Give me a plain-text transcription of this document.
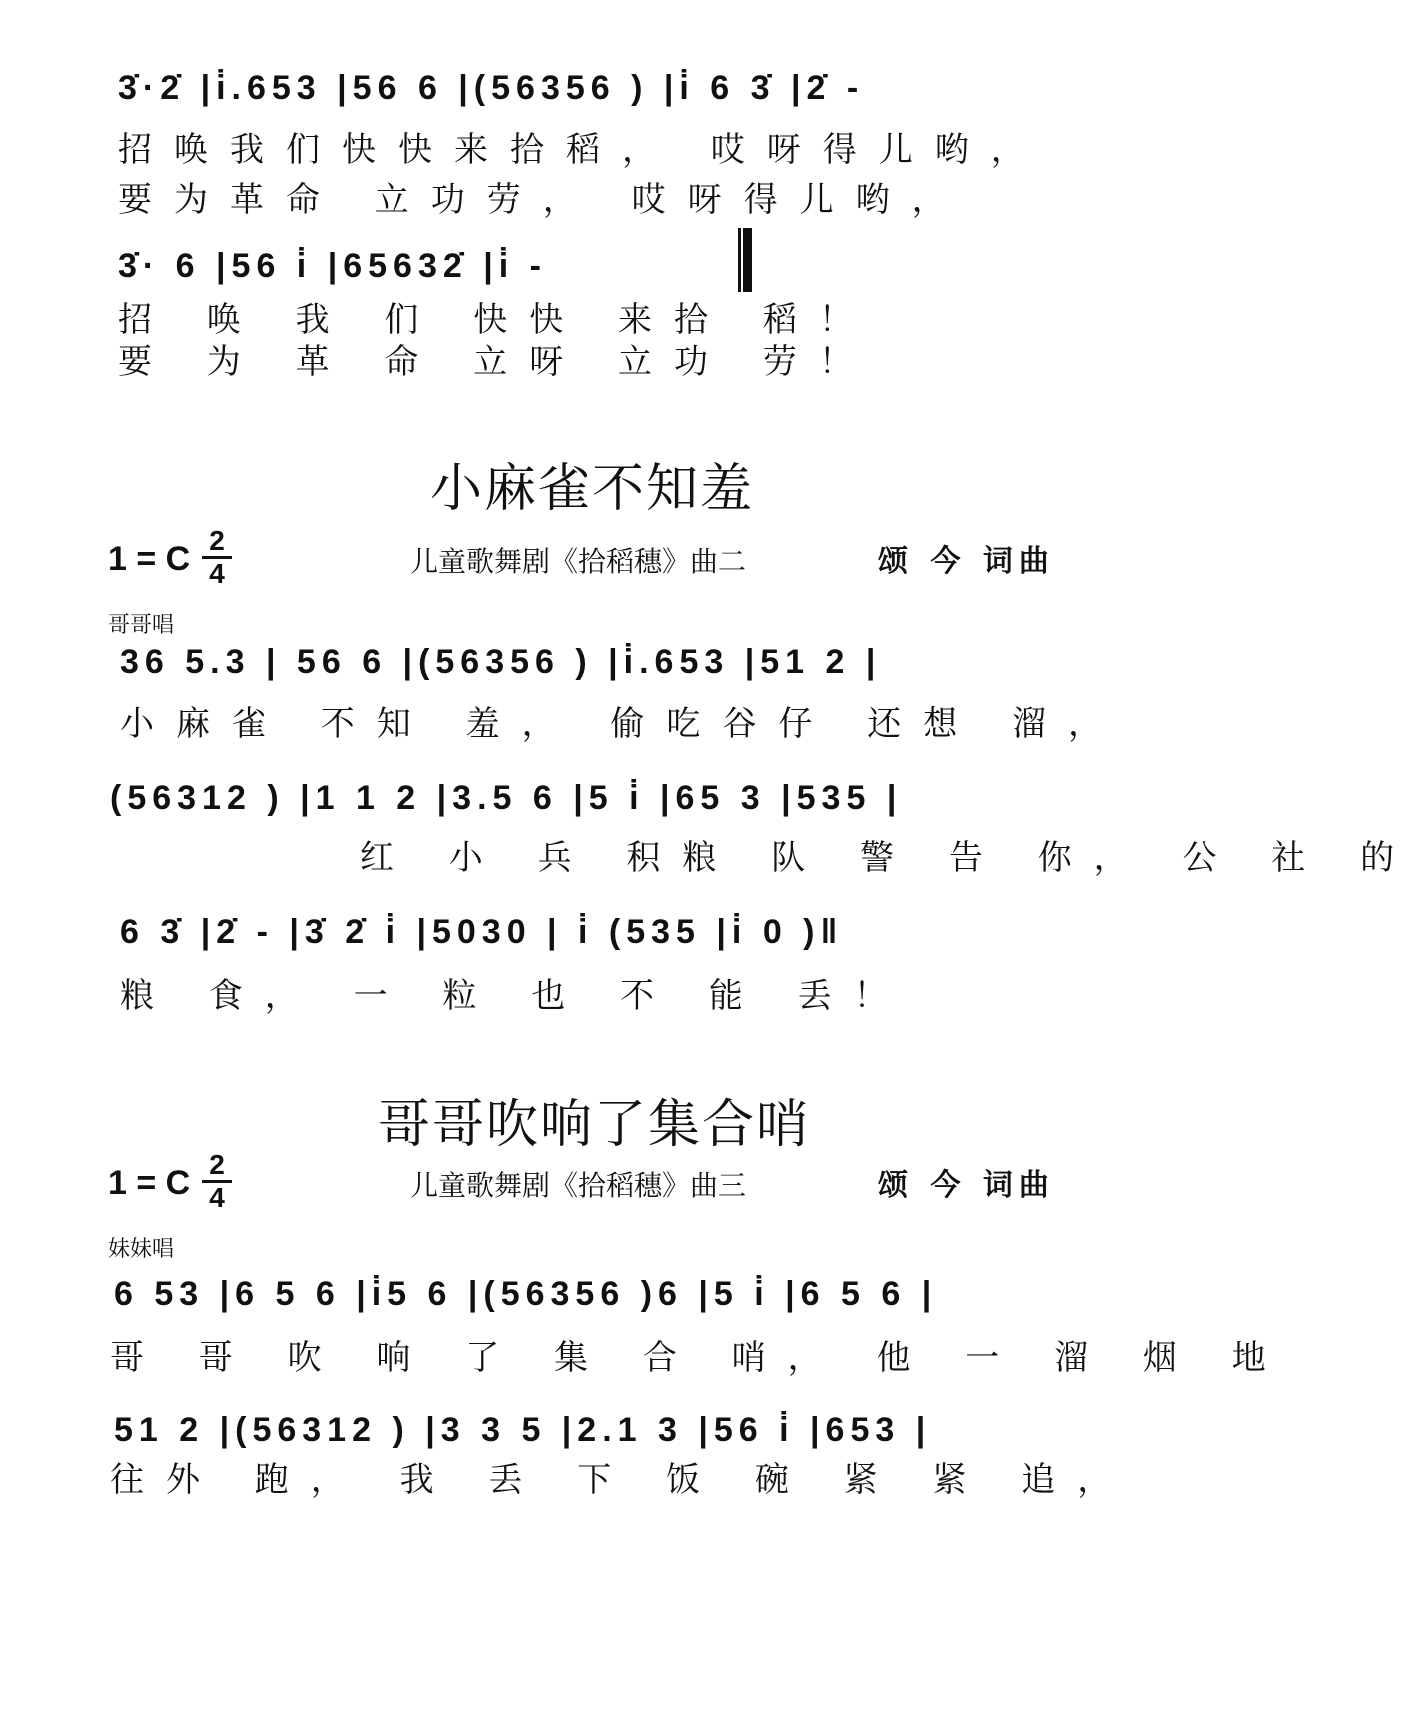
3̇·2̇ |i̇.653 |56 6 |(56356 ) |i̇ 6 3̇ |2̇ -
招唤我们快快来拾稻， 哎呀得儿哟，
要为革命 立功劳， 哎呀得儿哟，
3̇· 6 |56 i̇ |65632̇ |i̇ -
招 唤 我 们 快快 来拾 稻！
要 为 革 命 立呀 立功 劳！
小麻雀不知羞
1 = C 2
4	儿童歌舞剧《拾稻穗》曲二	颂 今 词曲
哥哥唱
36 5.3 | 56 6 |(56356 ) |i̇.653 |51 2 |
小麻雀 不知 羞， 偷吃谷仔 还想 溜，
(56312 ) |1 1 2 |3.5 6 |5 i̇ |65 3 |535 |
红 小 兵 积粮 队 警 告 你， 公 社 的
6 3̇ |2̇ - |3̇ 2̇ i̇ |5030 | i̇ (535 |i̇ 0 )‖
粮 食， 一 粒 也 不 能 丢！
哥哥吹响了集合哨
1 = C 2
4	儿童歌舞剧《拾稻穗》曲三	颂 今 词曲
妹妹唱
6 53 |6 5 6 |i̇5 6 |(56356 )6 |5 i̇ |6 5 6 |
哥 哥 吹 响 了 集 合 哨， 他 一 溜 烟 地
51 2 |(56312 ) |3 3 5 |2.1 3 |56 i̇ |653 |
往外 跑， 我 丢 下 饭 碗 紧 紧 追，
